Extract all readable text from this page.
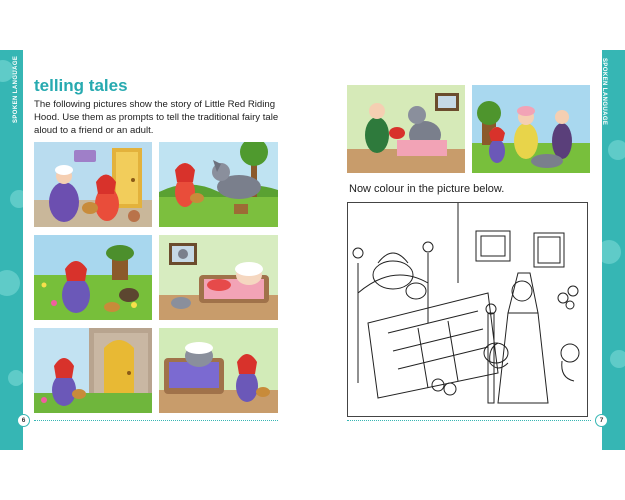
SPOKEN LANGUAGE	SPOKEN LANGUAGE
telling tales

The following pictures show the story of Little Red Riding Hood. Use them as prompts to tell the traditional fairy tale aloud to a friend or an adult.

6
Now colour in the picture below.
7
